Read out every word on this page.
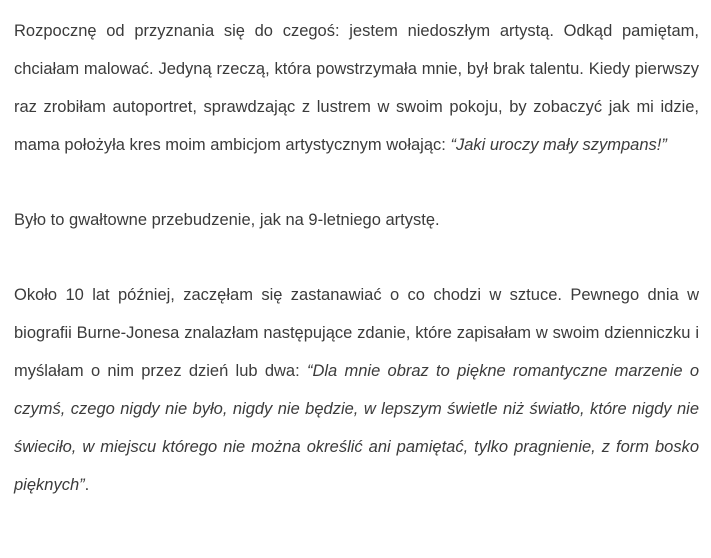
Rozpocznę od przyznania się do czegoś: jestem niedoszłym artystą. Odkąd pamiętam, chciałam malować. Jedyną rzeczą, która powstrzymała mnie, był brak talentu. Kiedy pierwszy raz zrobiłam autoportret, sprawdzając z lustrem w swoim pokoju, by zobaczyć jak mi idzie, mama położyła kres moim ambicjom artystycznym wołając: “Jaki uroczy mały szympans!”

Było to gwałtowne przebudzenie, jak na 9-letniego artystę.

Około 10 lat później, zaczęłam się zastanawiać o co chodzi w sztuce. Pewnego dnia w biografii Burne-Jonesa znalazłam następujące zdanie, które zapisałam w swoim dzienniczku i myślałam o nim przez dzień lub dwa: “Dla mnie obraz to piękne romantyczne marzenie o czymś, czego nigdy nie było, nigdy nie będzie, w lepszym świetle niż światło, które nigdy nie świeciło, w miejscu którego nie można określić ani pamiętać, tylko pragnienie, z form bosko pięknych”.
